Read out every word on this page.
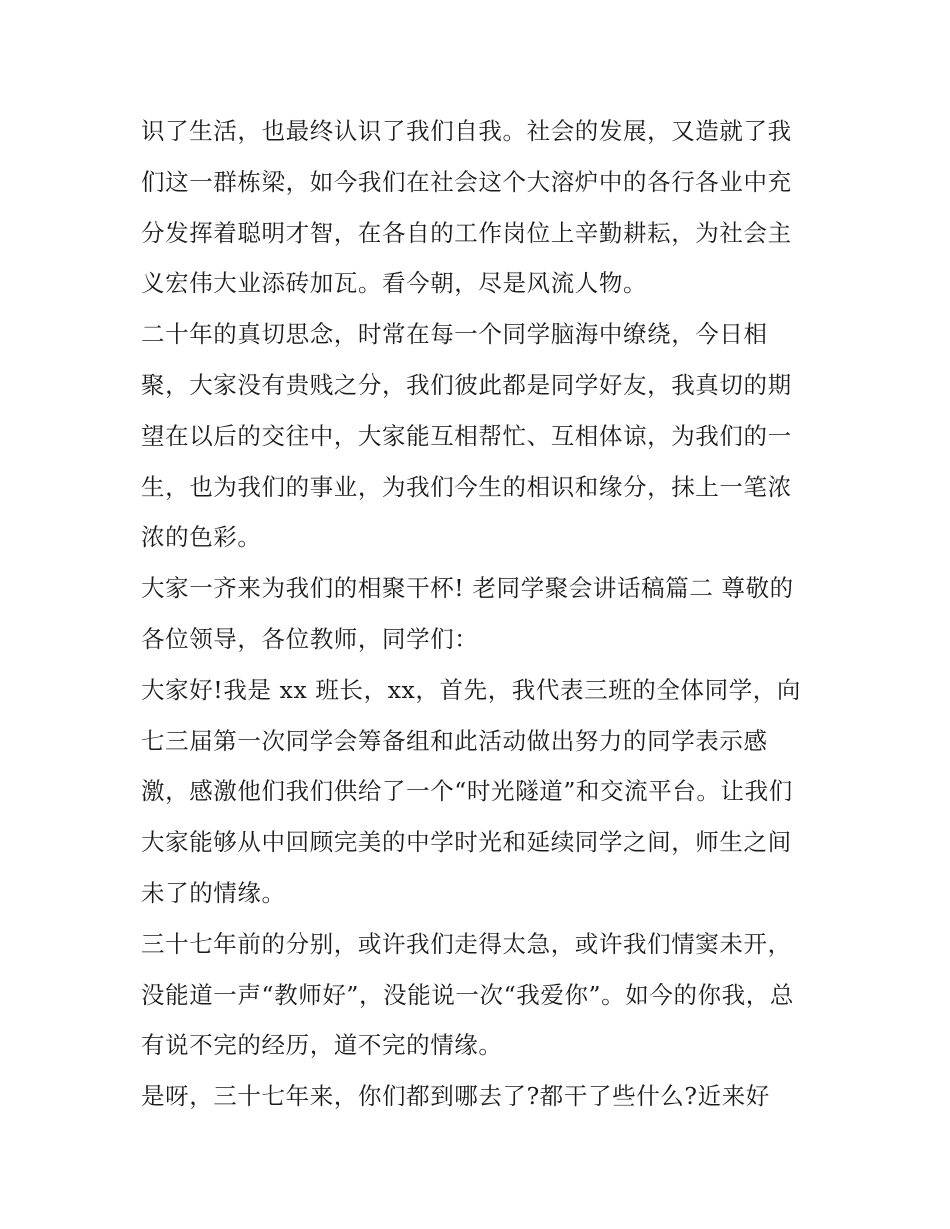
识了生活，也最终认识了我们自我。社会的发展，又造就了我
们这一群栋梁，如今我们在社会这个大溶炉中的各行各业中充
分发挥着聪明才智，在各自的工作岗位上辛勤耕耘，为社会主
义宏伟大业添砖加瓦。看今朝，尽是风流人物。
二十年的真切思念，时常在每一个同学脑海中缭绕，今日相
聚，大家没有贵贱之分，我们彼此都是同学好友，我真切的期
望在以后的交往中，大家能互相帮忙、互相体谅，为我们的一
生，也为我们的事业，为我们今生的相识和缘分，抹上一笔浓
浓的色彩。
大家一齐来为我们的相聚干杯! 老同学聚会讲话稿篇二 尊敬的
各位领导，各位教师，同学们：
大家好!我是 xx 班长，xx，首先，我代表三班的全体同学，向
七三届第一次同学会筹备组和此活动做出努力的同学表示感
激，感激他们我们供给了一个“时光隧道”和交流平台。让我们
大家能够从中回顾完美的中学时光和延续同学之间，师生之间
未了的情缘。
三十七年前的分别，或许我们走得太急，或许我们情窦未开，
没能道一声“教师好”，没能说一次“我爱你”。如今的你我，总
有说不完的经历，道不完的情缘。
是呀，三十七年来，你们都到哪去了?都干了些什么?近来好
